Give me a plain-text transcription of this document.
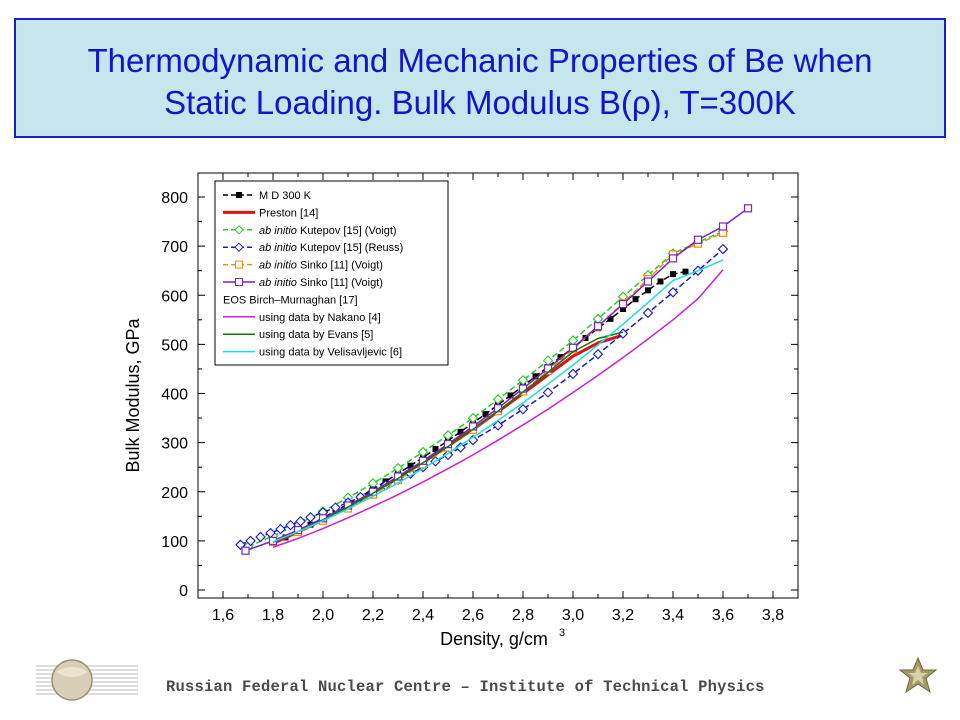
Thermodynamic and Mechanic Properties of Be when
Static Loading. Bulk Modulus B(ρ), T=300K
0
100
200
300
400
500
600
700
800
1,6 1,8 2,0 2,2 2,4 2,6 2,8 3,0 3,2 3,4 3,6 3,8
Density, g/cm 3
Bulk Modulus, GPa
M D 300 K
Preston [14]
ab initio Kutepov [15] (Voigt)
ab initio Kutepov [15] (Reuss)
ab initio Sinko [11] (Voigt)
ab initio Sinko [11] (Voigt)
EOS Birch–Murnaghan [17]
using data by Nakano [4]
using data by Evans [5]
using data by Velisavljevic [6]
Russian Federal Nuclear Centre – Institute of Technical Physics
